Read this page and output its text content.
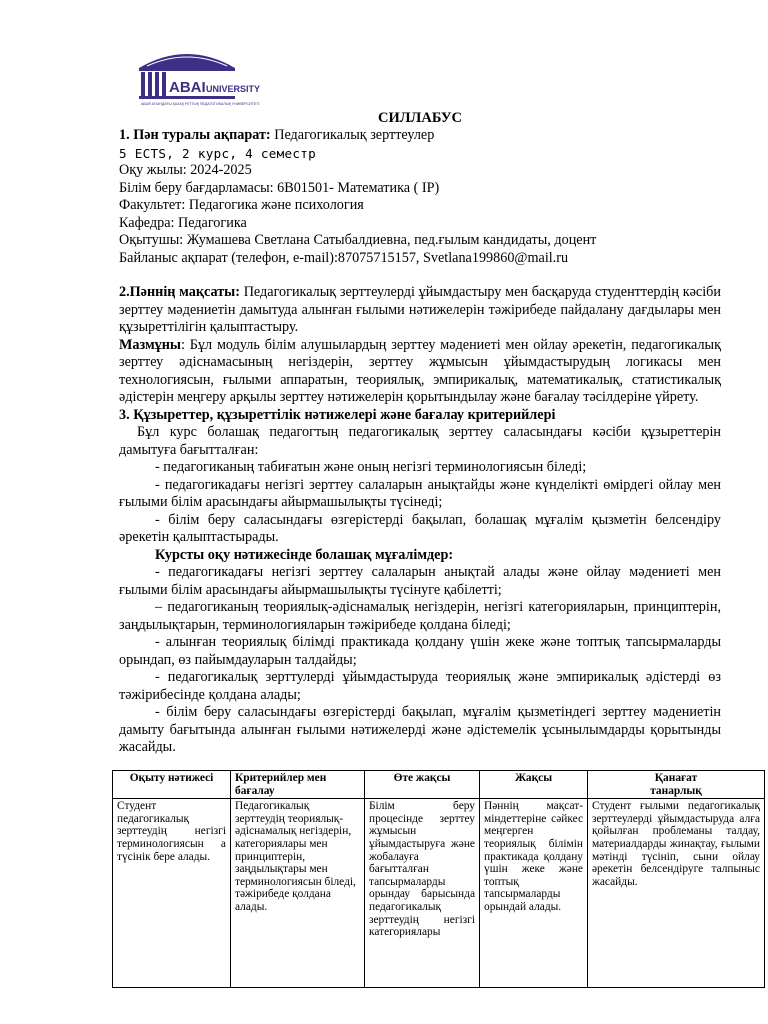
ABAI UNIVERSITY
АБАЙ АТЫНДАҒЫ ҚАЗАҚ ҰЛТТЫҚ ПЕДАГОГИКАЛЫҚ УНИВЕРСИТЕТІ
СИЛЛАБУС
1. Пән туралы ақпарат: Педагогикалық зерттеулер
5 ECTS, 2 курс, 4 семестр
Оқу жылы: 2024-2025
Білім беру бағдарламасы: 6В01501- Математика ( IP)
Факультет: Педагогика және психология
Кафедра: Педагогика
Оқытушы: Жумашева Светлана Сатыбалдиевна, пед.ғылым кандидаты, доцент
Байланыс ақпарат (телефон, e-mail):87075715157, Svetlana199860@mail.ru
2.Пәннің мақсаты: Педагогикалық зерттеулерді ұйымдастыру мен басқаруда студенттердің кәсіби зерттеу мәдениетін дамытуда алынған ғылыми нәтижелерін тәжірибеде пайдалану дағдылары мен құзыреттілігін қалыптастыру.
Мазмұны: Бұл модуль білім алушылардың зерттеу мәдениеті мен ойлау әрекетін, педагогикалық зерттеу әдіснамасының негіздерін, зерттеу жұмысын ұйымдастырудың логикасы мен технологиясын, ғылыми аппаратын, теориялық, эмпирикалық, математикалық, статистикалық әдістерін меңгеру арқылы зерттеу нәтижелерін қорытындылау және бағалау тәсілдеріне үйрету.
3. Құзыреттер, құзыреттілік нәтижелері және бағалау критерийлері
Бұл курс болашақ педагогтың педагогикалық зерттеу саласындағы кәсіби құзыреттерін дамытуға бағытталған:
- педагогиканың табиғатын және оның негізгі терминологиясын біледі;
- педагогикадағы негізгі зерттеу салаларын анықтайды және күнделікті өмірдегі ойлау мен ғылыми білім арасындағы айырмашылықты түсінеді;
- білім беру саласындағы өзгерістерді бақылап, болашақ мұғалім қызметін белсендіру әрекетін қалыптастырады.
Курсты оқу нәтижесінде болашақ мұғалімдер:
- педагогикадағы негізгі зерттеу салаларын анықтай алады және ойлау мәдениеті мен ғылыми білім арасындағы айырмашылықты түсінуге қабілетті;
– педагогиканың теориялық-әдіснамалық негіздерін, негізгі категорияларын, принциптерін, заңдылықтарын, терминологияларын тәжірибеде қолдана біледі;
- алынған теориялық білімді практикада қолдану үшін жеке және топтық тапсырмаларды орындап, өз пайымдауларын талдайды;
- педагогикалық зерттулерді ұйымдастыруда теориялық және эмпирикалық әдістерді өз тәжірибесінде қолдана алады;
- білім беру саласындағы өзгерістерді бақылап, мұғалім қызметіндегі зерттеу мәдениетін дамыту бағытында алынған ғылыми нәтижелерді және әдістемелік ұсынылымдарды қорытынды жасайды.
Оқыту нәтижесі	Критерийлер мен бағалау	Өте жақсы	Жақсы	Қанағат
танарлық
Студент педагогикалық зерттеудің негізгі терминологиясын а түсінік бере алады.	Педагогикалық зерттеудің теориялық-әдіснамалық негіздерін, категориялары мен принциптерін, заңдылықтары мен терминологиясын біледі, тәжірибеде қолдана алады.	Білім беру процесінде зерттеу жұмысын ұйымдастыруға және жобалауға бағытталған тапсырмаларды орындау барысында педагогикалық зерттеудің негізгі категориялары	Пәннің мақсат-міндеттеріне сәйкес меңгерген теориялық білімін практикада қолдану үшін жеке және топтық тапсырмаларды орындай алады.	Студент ғылыми педагогикалық зерттеулерді ұйымдастыруда алға қойылған проблеманы талдау, материалдарды жинақтау, ғылыми мәтінді түсініп, сыни ойлау әрекетін белсендіруге талпыныс жасайды.
